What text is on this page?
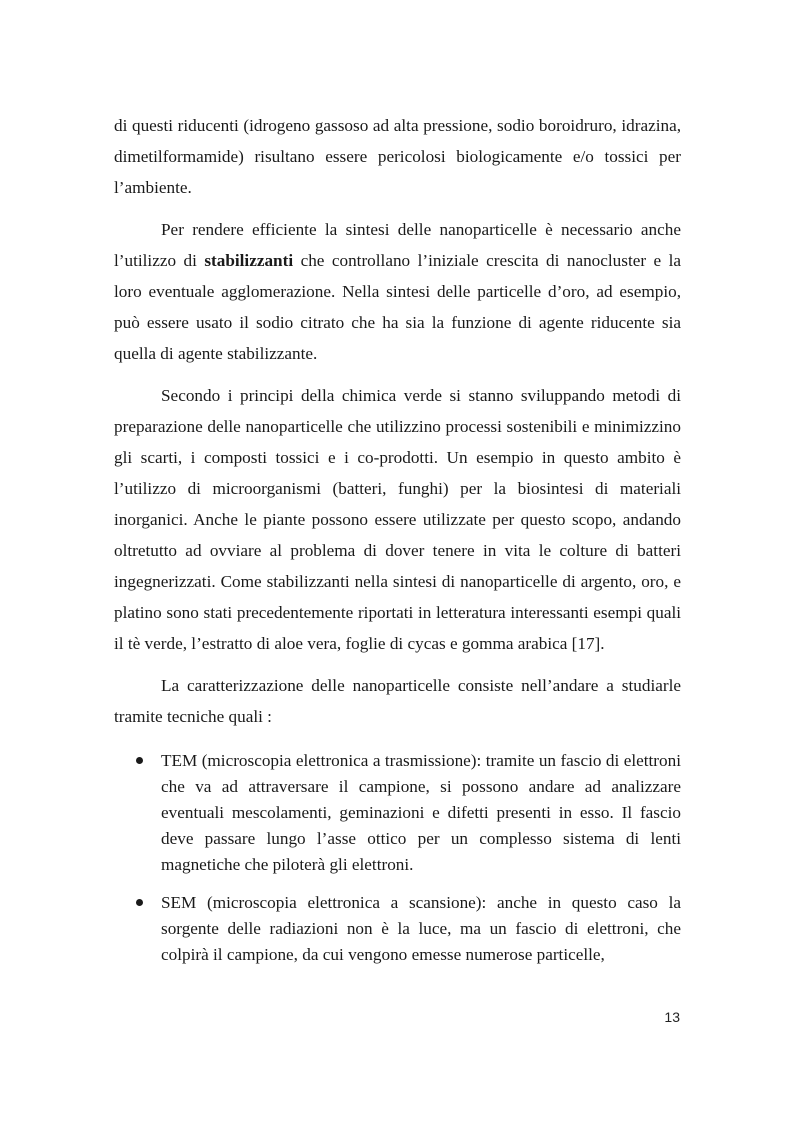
di questi riducenti (idrogeno gassoso ad alta pressione, sodio boroidruro, idrazina, dimetilformamide) risultano essere pericolosi biologicamente e/o tossici per l’ambiente.

Per rendere efficiente la sintesi delle nanoparticelle è necessario anche l’utilizzo di stabilizzanti che controllano l’iniziale crescita di nanocluster e la loro eventuale agglomerazione. Nella sintesi delle particelle d’oro, ad esempio, può essere usato il sodio citrato che ha sia la funzione di agente riducente sia quella di agente stabilizzante.

Secondo i principi della chimica verde si stanno sviluppando metodi di preparazione delle nanoparticelle che utilizzino processi sostenibili e minimizzino gli scarti, i composti tossici e i co-prodotti. Un esempio in questo ambito è l’utilizzo di microorganismi (batteri, funghi) per la biosintesi di materiali inorganici. Anche le piante possono essere utilizzate per questo scopo, andando oltretutto ad ovviare al problema di dover tenere in vita le colture di batteri ingegnerizzati. Come stabilizzanti nella sintesi di nanoparticelle di argento, oro, e platino sono stati precedentemente riportati in letteratura interessanti esempi quali il tè verde, l’estratto di aloe vera, foglie di cycas e gomma arabica [17].

La caratterizzazione delle nanoparticelle consiste nell’andare a studiarle tramite tecniche quali :

TEM (microscopia elettronica a trasmissione): tramite un fascio di elettroni che va ad attraversare il campione, si possono andare ad analizzare eventuali mescolamenti, geminazioni e difetti presenti in esso. Il fascio deve passare lungo l’asse ottico per un complesso sistema di lenti magnetiche che piloterà gli elettroni.
SEM (microscopia elettronica a scansione): anche in questo caso la sorgente delle radiazioni non è la luce, ma un fascio di elettroni, che colpirà il campione, da cui vengono emesse numerose particelle,
13
